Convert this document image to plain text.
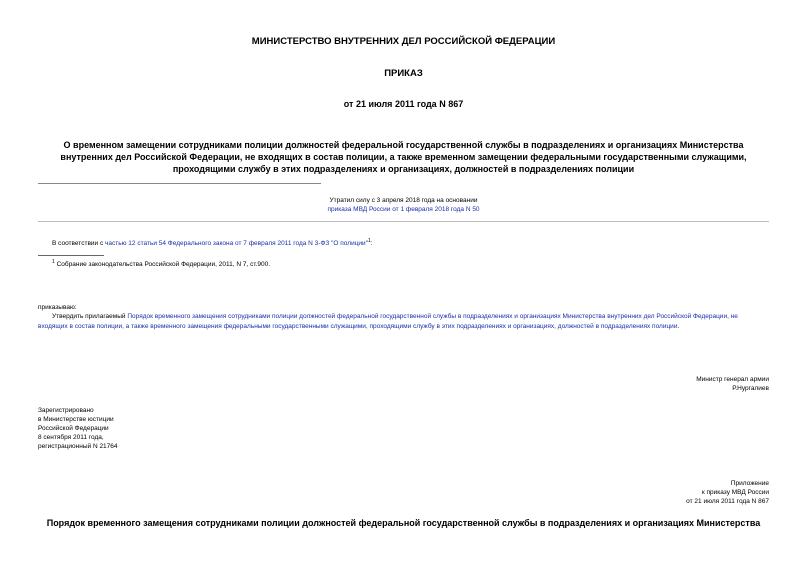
МИНИСТЕРСТВО ВНУТРЕННИХ ДЕЛ РОССИЙСКОЙ ФЕДЕРАЦИИ
ПРИКАЗ
от 21 июля 2011 года N 867
О временном замещении сотрудниками полиции должностей федеральной государственной службы в подразделениях и организациях Министерства внутренних дел Российской Федерации, не входящих в состав полиции, а также временном замещении федеральными государственными служащими, проходящими службу в этих подразделениях и организациях, должностей в подразделениях полиции
Утратил силу с 3 апреля 2018 года на основании
приказа МВД России от 1 февраля 2018 года N 50
В соответствии с частью 12 статьи 54 Федерального закона от 7 февраля 2011 года N 3-ФЗ "О полиции"$^1$:
$^1$ Собрание законодательства Российской Федерации, 2011, N 7, ст.900.
приказываю:
Утвердить прилагаемый Порядок временного замещения сотрудниками полиции должностей федеральной государственной службы в подразделениях и организациях Министерства внутренних дел Российской Федерации, не входящих в состав полиции, а также временного замещения федеральными государственными служащими, проходящими службу в этих подразделениях и организациях, должностей в подразделениях полиции.
Министр генерал армии
Р.Нургалиев
Зарегистрировано
в Министерстве юстиции
Российской Федерации
8 сентября 2011 года,
регистрационный N 21764
Приложение
к приказу МВД России
от 21 июля 2011 года N 867
Порядок временного замещения сотрудниками полиции должностей федеральной государственной службы в подразделениях и организациях Министерства
